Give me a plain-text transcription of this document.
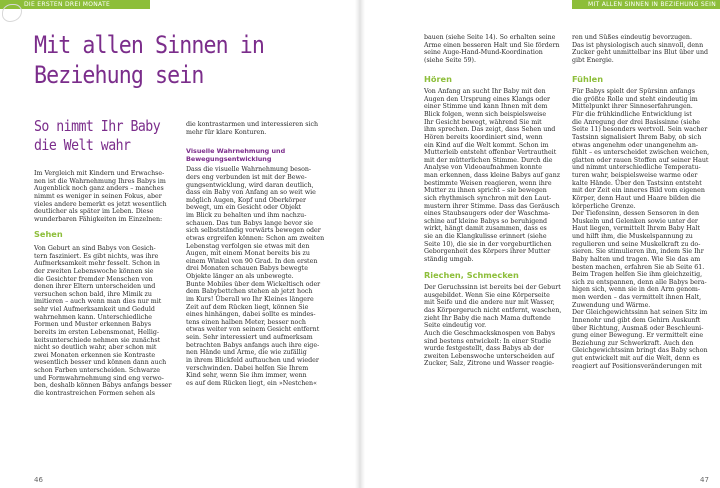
DIE ERSTEN DREI MONATE
Mit allen Sinnen in
Beziehung sein
So nimmt Ihr Baby
die Welt wahr
Im Vergleich mit Kindern und Erwachse-
nen ist die Wahrnehmung Ihres Babys im
Augenblick noch ganz anders – manches
nimmt es weniger in seinen Fokus, aber
vieles andere bemerkt es jetzt wesentlich
deutlicher als später im Leben. Diese
wunderbaren Fähigkeiten im Einzelnen:
Sehen
Von Geburt an sind Babys von Gesich-
tern fasziniert. Es gibt nichts, was ihre
Aufmerksamkeit mehr fesselt. Schon in
der zweiten Lebenswoche können sie
die Gesichter fremder Menschen von
denen ihrer Eltern unterscheiden und
versuchen schon bald, ihre Mimik zu
imitieren – auch wenn man dies nur mit
sehr viel Aufmerksamkeit und Geduld
wahrnehmen kann. Unterschiedliche
Formen und Muster erkennen Babys
bereits im ersten Lebensmonat, Hellig-
keitsunterschiede nehmen sie zunächst
nicht so deutlich wahr, aber schon mit
zwei Monaten erkennen sie Kontraste
wesentlich besser und können dann auch
schon Farben unterscheiden. Schwarze
und Formwahrnehmung sind eng verwo-
ben, deshalb können Babys anfangs besser
die kontrastreichen Formen sehen als
die kontrastarmen und interessieren sich
mehr für klare Konturen.
Visuelle Wahrnehmung und
Bewegungsentwicklung
Dass die visuelle Wahrnehmung beson-
ders eng verbunden ist mit der Bewe-
gungsentwicklung, wird daran deutlich,
dass ein Baby von Anfang an so weit wie
möglich Augen, Kopf und Oberkörper
bewegt, um ein Gesicht oder Objekt
im Blick zu behalten und ihm nachzu-
schauen. Das tun Babys lange bevor sie
sich selbstständig vorwärts bewegen oder
etwas ergreifen können: Schon am zweiten
Lebenstag verfolgen sie etwas mit den
Augen, mit einem Monat bereits bis zu
einem Winkel von 90 Grad. In den ersten
drei Monaten schauen Babys bewegte
Objekte länger an als unbewegte.
Bunte Mobiles über dem Wickeltisch oder
dem Babybettchen stehen ab jetzt hoch
im Kurs! Überall wo Ihr Kleines längere
Zeit auf dem Rücken liegt, können Sie
eines hinhängen, dabei sollte es mindes-
tens einen halben Meter, besser noch
etwas weiter von seinem Gesicht entfernt
sein. Sehr interessiert und aufmerksam
betrachten Babys anfangs auch ihre eige-
nen Hände und Arme, die wie zufällig
in ihrem Blickfeld auftauchen und wieder
verschwinden. Dabei helfen Sie Ihrem
Kind sehr, wenn Sie ihm immer, wenn
es auf dem Rücken liegt, ein »Nestchen«
46
MIT ALLEN SINNEN IN BEZIEHUNG SEIN
bauen (siehe Seite 14). So erhalten seine
Arme einen besseren Halt und Sie fördern
seine Auge-Hand-Mund-Koordination
(siehe Seite 59).
Hören
Von Anfang an sucht Ihr Baby mit den
Augen den Ursprung eines Klangs oder
einer Stimme und kann Ihnen mit dem
Blick folgen, wenn sich beispielsweise
Ihr Gesicht bewegt, während Sie mit
ihm sprechen. Das zeigt, dass Sehen und
Hören bereits koordiniert sind, wenn
ein Kind auf die Welt kommt. Schon im
Mutterleib entsteht offenbar Vertrautheit
mit der mütterlichen Stimme. Durch die
Analyse von Videoaufnahmen konnte
man erkennen, dass kleine Babys auf ganz
bestimmte Weisen reagieren, wenn ihre
Mutter zu ihnen spricht – sie bewegen
sich rhythmisch synchron mit den Laut-
mustern ihrer Stimme. Dass das Geräusch
eines Staubsaugers oder der Waschma-
schine auf kleine Babys so beruhigend
wirkt, hängt damit zusammen, dass es
sie an die Klangkulisse erinnert (siehe
Seite 10), die sie in der vorgeburtlichen
Geborgenheit des Körpers ihrer Mutter
ständig umgab.
Riechen, Schmecken
Der Geruchssinn ist bereits bei der Geburt
ausgebildet. Wenn Sie eine Körperseite
mit Seife und die andere nur mit Wasser,
das Körpergeruch nicht entfernt, waschen,
zieht Ihr Baby die nach Mama duftende
Seite eindeutig vor.
Auch die Geschmacksknospen von Babys
sind bestens entwickelt: In einer Studie
wurde festgestellt, dass Babys ab der
zweiten Lebenswoche unterscheiden auf
Zucker, Salz, Zitrone und Wasser reagie-
ren und Süßes eindeutig bevorzugen.
Das ist physiologisch auch sinnvoll, denn
Zucker geht unmittelbar ins Blut über und
gibt Energie.
Fühlen
Für Babys spielt der Spürsinn anfangs
die größte Rolle und steht eindeutig im
Mittelpunkt ihrer Sinneserfahrungen.
Für die frühkindliche Entwicklung ist
die Anregung der drei Basissinne (siehe
Seite 11) besonders wertvoll. Sein wacher
Tastsinn signalisiert Ihrem Baby, ob sich
etwas angenehm oder unangenehm an-
fühlt – es unterscheidet zwischen weichen,
glatten oder rauen Stoffen auf seiner Haut
und nimmt unterschiedliche Temperatu-
turen wahr, beispielsweise warme oder
kalte Hände. Über den Tastsinn entsteht
mit der Zeit ein inneres Bild vom eigenen
Körper, denn Haut und Haare bilden die
körperliche Grenze.
Der Tiefensinn, dessen Sensoren in den
Muskeln und Gelenken sowie unter der
Haut liegen, vermittelt Ihrem Baby Halt
und hilft ihm, die Muskelspannung zu
regulieren und seine Muskelkraft zu do-
sieren. Sie stimulieren ihn, indem Sie Ihr
Baby halten und tragen. Wie Sie das am
besten machen, erfahren Sie ab Seite 61.
Beim Tragen helfen Sie ihm gleichzeitig,
sich zu entspannen, denn alle Babys bera-
higen sich, wenn sie in den Arm genom-
men werden – das vermittelt ihnen Halt,
Zuwendung und Wärme.
Der Gleichgewichtssinn hat seinen Sitz im
Innenohr und gibt dem Gehirn Auskunft
über Richtung, Ausmaß oder Beschleuni-
gung einer Bewegung. Er vermittelt eine
Beziehung zur Schwerkraft. Auch den
Gleichgewichtssinn bringt das Baby schon
gut entwickelt mit auf die Welt, denn es
reagiert auf Positionsveränderungen mit
47
